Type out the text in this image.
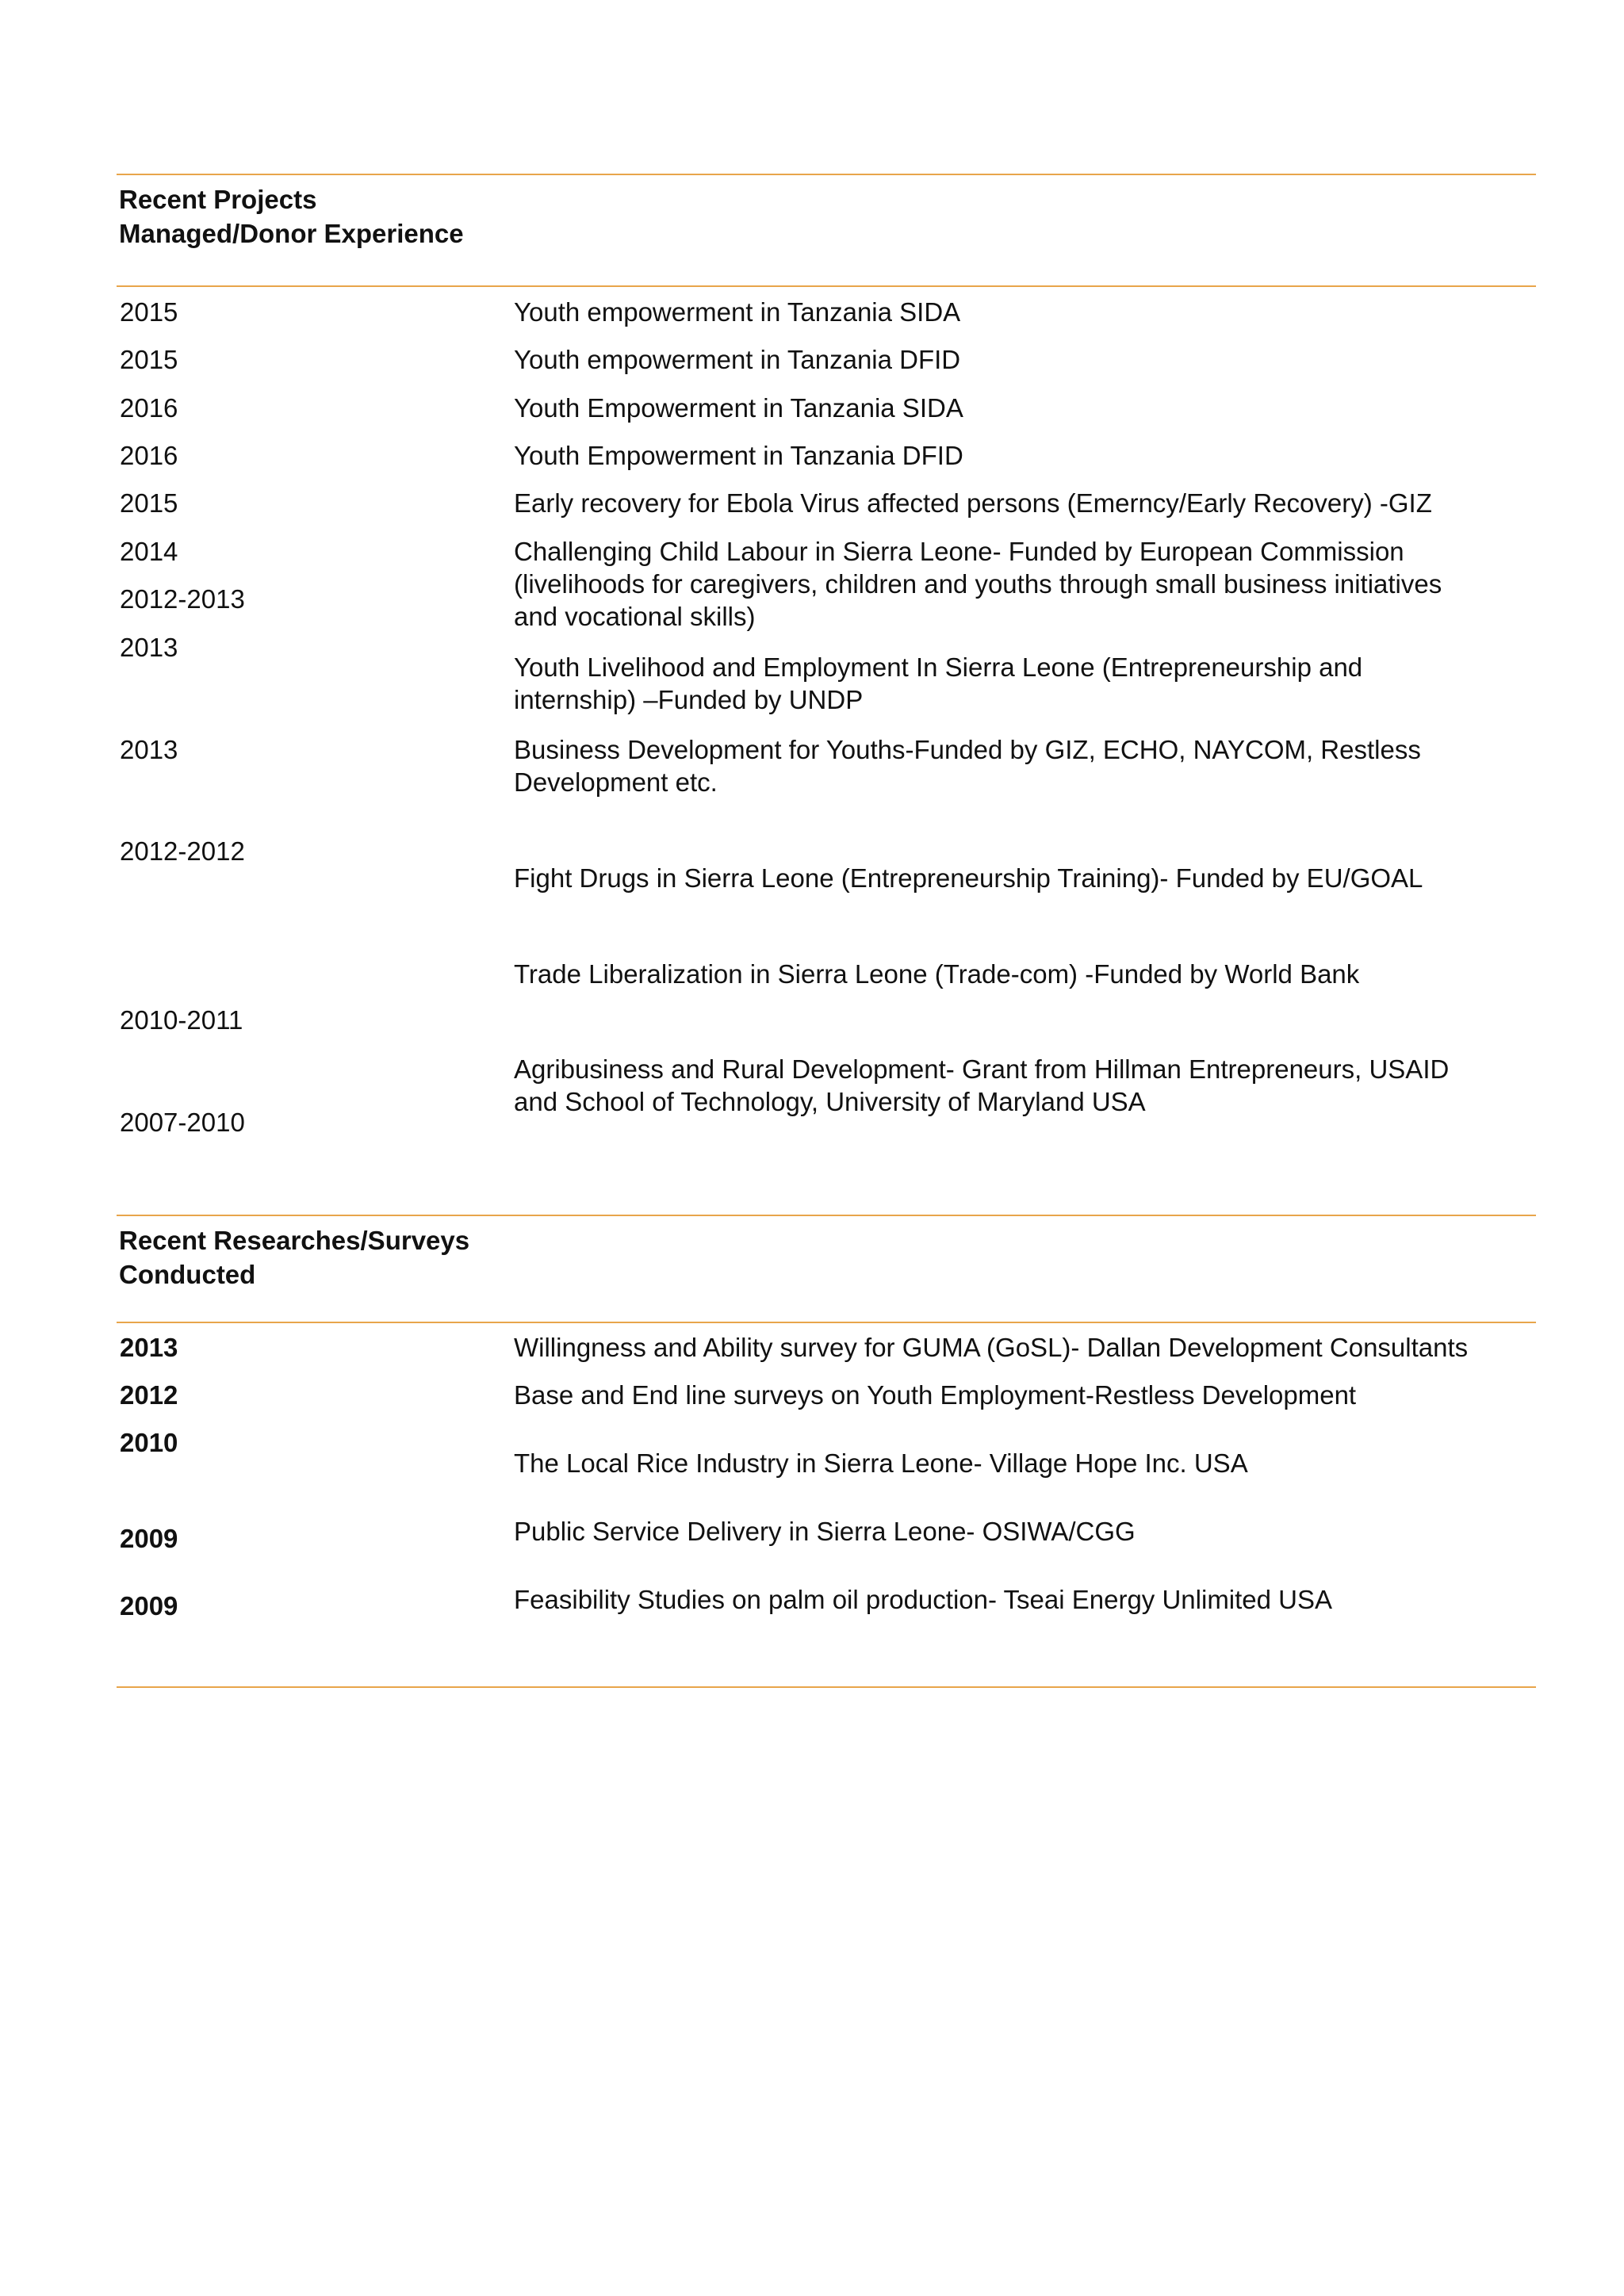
Recent Projects
Managed/Donor Experience
2015
2015
2016
2016
2015
2014
2012-2013
2013
2013
2012-2012
2010-2011
2007-2010
Youth empowerment in Tanzania SIDA
Youth empowerment in Tanzania DFID
Youth Empowerment in Tanzania SIDA
Youth Empowerment in Tanzania DFID
Early recovery for Ebola Virus affected persons (Emerncy/Early Recovery) -GIZ
Challenging Child Labour in Sierra Leone- Funded by European Commission
(livelihoods for caregivers, children and youths through small business initiatives
and vocational skills)
Youth Livelihood and Employment In Sierra Leone (Entrepreneurship and
internship) –Funded by UNDP
Business Development for Youths-Funded by GIZ, ECHO, NAYCOM, Restless
Development etc.
Fight Drugs in Sierra Leone (Entrepreneurship Training)- Funded by EU/GOAL
Trade Liberalization in Sierra Leone (Trade-com) -Funded by World Bank
Agribusiness and Rural Development- Grant from Hillman Entrepreneurs, USAID
and School of Technology, University of Maryland USA
Recent Researches/Surveys
Conducted
2013
2012
2010
2009
2009
Willingness and Ability survey for GUMA (GoSL)- Dallan Development Consultants
Base and End line surveys on Youth Employment-Restless Development
The Local Rice Industry in Sierra Leone- Village Hope Inc. USA
Public Service Delivery in Sierra Leone- OSIWA/CGG
Feasibility Studies on palm oil production- Tseai Energy Unlimited USA
